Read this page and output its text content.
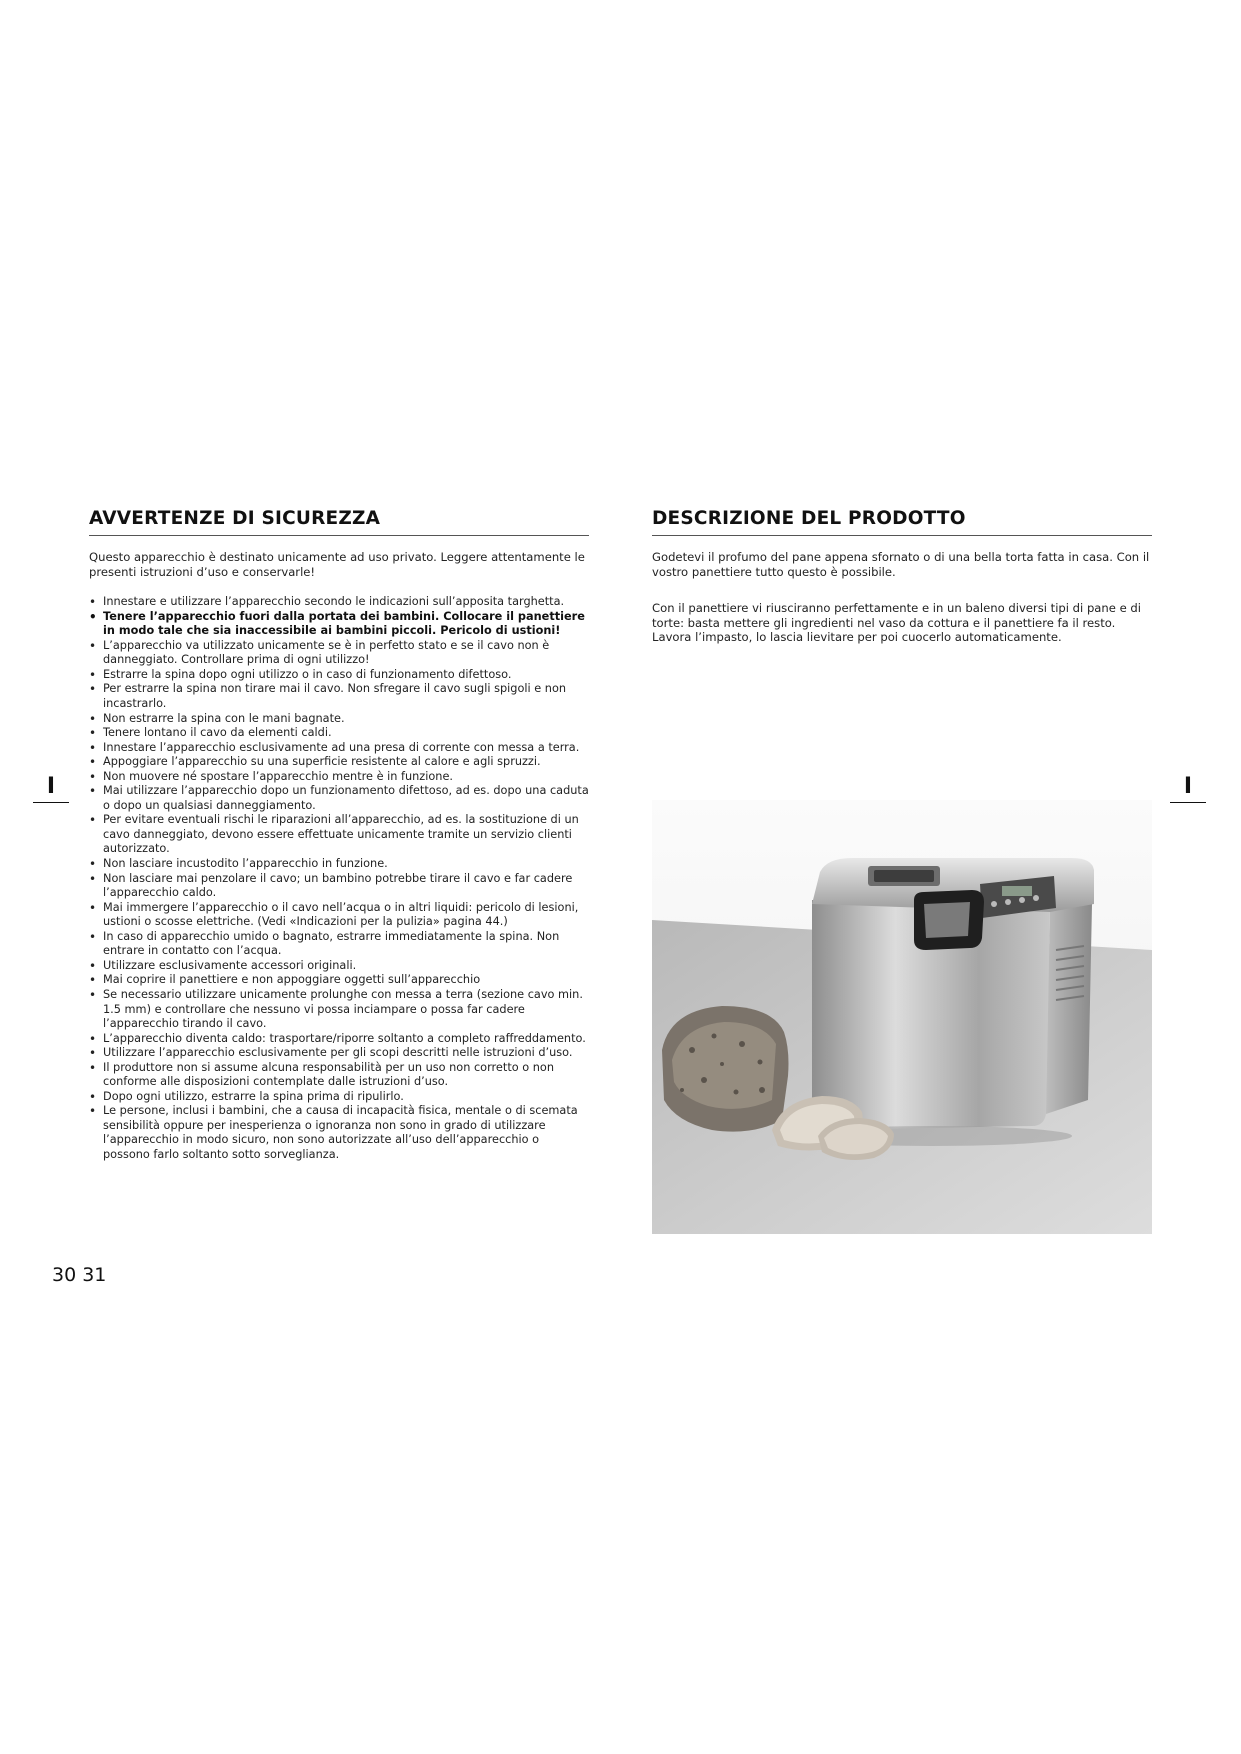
AVVERTENZE DI SICUREZZA

Questo apparecchio è destinato unicamente ad uso privato. Leggere attentamente le presenti istruzioni d’uso e conservarle!

• Innestare e utilizzare l’apparecchio secondo le indicazioni sull’apposita targhetta.
• Tenere l’apparecchio fuori dalla portata dei bambini. Collocare il panettiere in modo tale che sia inaccessibile ai bambini piccoli. Pericolo di ustioni!
• L’apparecchio va utilizzato unicamente se è in perfetto stato e se il cavo non è danneggiato. Controllare prima di ogni utilizzo!
• Estrarre la spina dopo ogni utilizzo o in caso di funzionamento difettoso.
• Per estrarre la spina non tirare mai il cavo. Non sfregare il cavo sugli spigoli e non incastrarlo.
• Non estrarre la spina con le mani bagnate.
• Tenere lontano il cavo da elementi caldi.
• Innestare l’apparecchio esclusivamente ad una presa di corrente con messa a terra.
• Appoggiare l’apparecchio su una superficie resistente al calore e agli spruzzi.
• Non muovere né spostare l’apparecchio mentre è in funzione.
• Mai utilizzare l’apparecchio dopo un funzionamento difettoso, ad es. dopo una caduta o dopo un qualsiasi danneggiamento.
• Per evitare eventuali rischi le riparazioni all’apparecchio, ad es. la sostituzione di un cavo danneggiato, devono essere effettuate unicamente tramite un servizio clienti autorizzato.
• Non lasciare incustodito l’apparecchio in funzione.
• Non lasciare mai penzolare il cavo; un bambino potrebbe tirare il cavo e far cadere l’apparecchio caldo.
• Mai immergere l’apparecchio o il cavo nell’acqua o in altri liquidi: pericolo di lesioni, ustioni o scosse elettriche. (Vedi «Indicazioni per la pulizia» pagina 44.)
• In caso di apparecchio umido o bagnato, estrarre immediatamente la spina. Non entrare in contatto con l’acqua.
• Utilizzare esclusivamente accessori originali.
• Mai coprire il panettiere e non appoggiare oggetti sull’apparecchio
• Se necessario utilizzare unicamente prolunghe con messa a terra (sezione cavo min. 1.5 mm) e controllare che nessuno vi possa inciampare o possa far cadere l’apparecchio tirando il cavo.
• L’apparecchio diventa caldo: trasportare/riporre soltanto a completo raffreddamento.
• Utilizzare l’apparecchio esclusivamente per gli scopi descritti nelle istruzioni d’uso.
• Il produttore non si assume alcuna responsabilità per un uso non corretto o non conforme alle disposizioni contemplate dalle istruzioni d’uso.
• Dopo ogni utilizzo, estrarre la spina prima di ripulirlo.
• Le persone, inclusi i bambini, che a causa di incapacità fisica, mentale o di scemata sensibilità oppure per inesperienza o ignoranza non sono in grado di utilizzare l’apparecchio in modo sicuro, non sono autorizzate all’uso dell’apparecchio o possono farlo soltanto sotto sorveglianza.
DESCRIZIONE DEL PRODOTTO

Godetevi il profumo del pane appena sfornato o di una bella torta fatta in casa. Con il vostro panettiere tutto questo è possibile.

Con il panettiere vi riusciranno perfettamente e in un baleno diversi tipi di pane e di torte: basta mettere gli ingredienti nel vaso da cottura e il panettiere fa il resto. Lavora l’impasto, lo lascia lievitare per poi cuocerlo automaticamente.

I	I
30 31
